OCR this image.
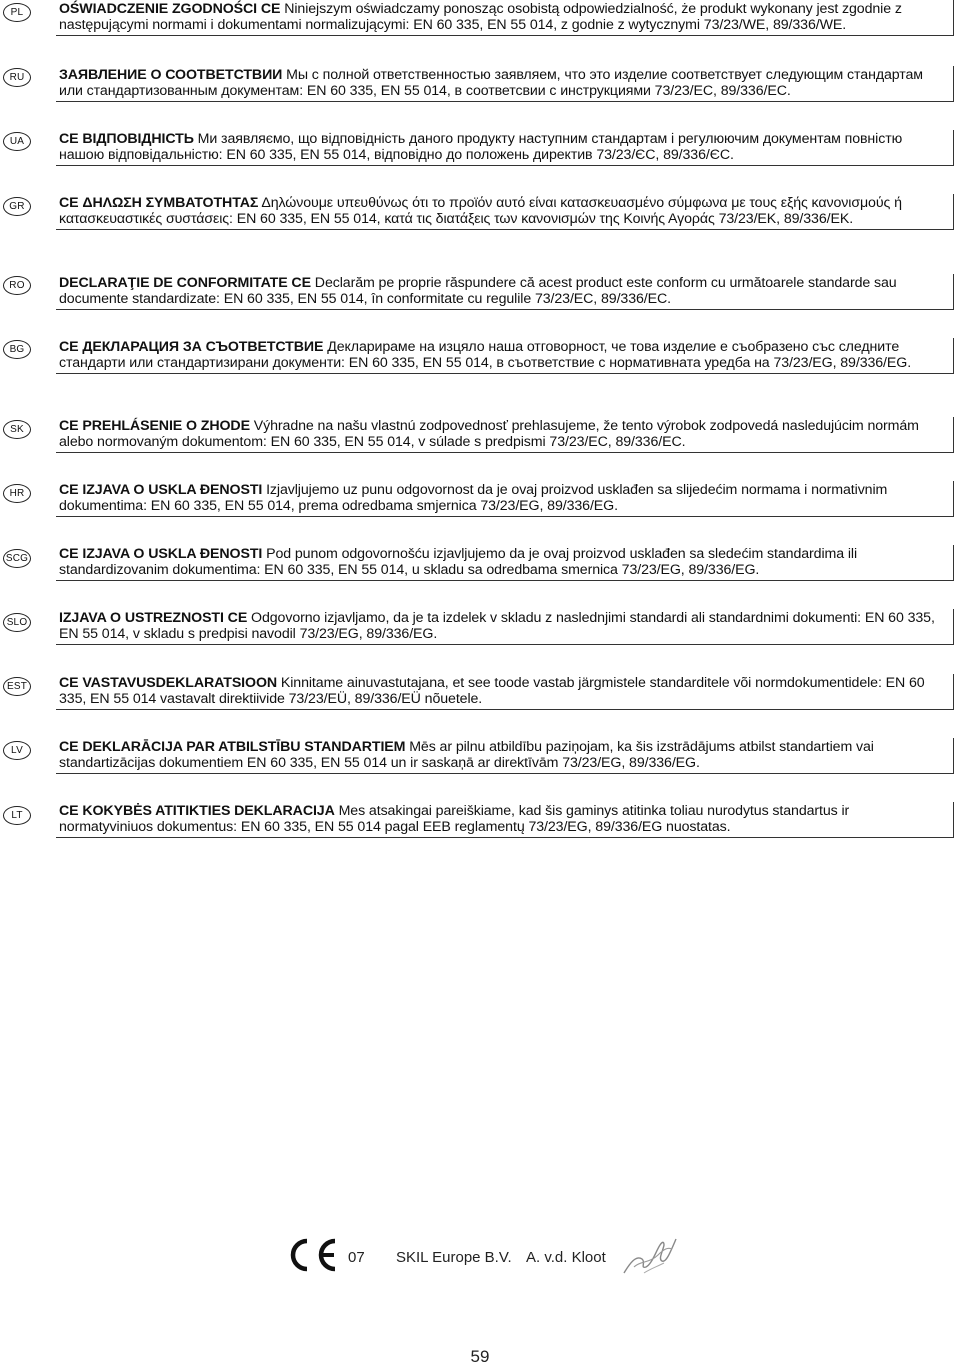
PL	OŚWIADCZENIE ZGODNOŚCI CE Niniejszym oświadczamy ponosząc osobistą odpowiedzialność, że produkt wykonany jest zgodnie z następującymi normami i dokumentami normalizującymi: EN 60 335, EN 55 014, z godnie z wytycznymi 73/23/WE, 89/336/WE.
RU	ЗАЯВЛЕНИЕ О СООТВЕТСТВИИ Мы с полной ответственностью заявляем, что это изделие соответствует следующим стандартам или стандартизованным документам: EN 60 335, EN 55 014, в соответсвии с инструкциями 73/23/ЕС, 89/336/ЕС.
UA	CE ВІДПОВІДНІСТЬ Ми заявляємо, що відповідність даного продукту наступним стандартам і регулюючим документам повністю нашою відповідальністю: EN 60 335, EN 55 014, відповідно до положень директив 73/23/ЄС, 89/336/ЄС.
GR	CE ΔΗΛΩΣΗ ΣΥΜΒΑΤΟΤΗΤΑΣ Δηλώνουμε υπευθύνως ότι το προϊόν αυτό είναι κατασκευασμένο σύμφωνα με τους εξής κανονισμούς ή κατασκευαστικές συστάσεις: EN 60 335, EN 55 014, κατά τις διατάξεις των κανονισμών της Κοινής Αγοράς 73/23/EK, 89/336/EK.
RO	DECLARAŢIE DE CONFORMITATE CE Declarăm pe proprie răspundere că acest product este conform cu următoarele standarde sau documente standardizate: EN 60 335, EN 55 014, în conformitate cu regulile 73/23/EC, 89/336/EC.
BG	CE ДЕКЛАРАЦИЯ ЗА СЪОТВЕТСТВИЕ Декларираме на изцяло наша отговорност, че това изделие е съобразено със следните стандарти или стандартизирани документи: EN 60 335, EN 55 014, в съответствие с нормативната уредба на 73/23/EG, 89/336/EG.
SK	CE PREHLÁSENIE O ZHODE Výhradne na našu vlastnú zodpovednosť prehlasujeme, že tento výrobok zodpovedá nasledujúcim normám alebo normovaným dokumentom: EN 60 335, EN 55 014, v súlade s predpismi 73/23/EC, 89/336/EC.
HR	CE IZJAVA O USKLA ĐENOSTI Izjavljujemo uz punu odgovornost da je ovaj proizvod usklađen sa slijedećim normama i normativnim dokumentima: EN 60 335, EN 55 014, prema odredbama smjernica 73/23/EG, 89/336/EG.
SCG CE IZJAVA O USKLA ĐENOSTI Pod punom odgovornošću izjavljujemo da je ovaj proizvod usklađen sa sledećim standardima ili standardizovanim dokumentima: EN 60 335, EN 55 014, u skladu sa odredbama smernica 73/23/EG, 89/336/EG.
SLO IZJAVA O USTREZNOSTI CE Odgovorno izjavljamo, da je ta izdelek v skladu z naslednjimi standardi ali standardnimi dokumenti: EN 60 335, EN 55 014, v skladu s predpisi navodil 73/23/EG, 89/336/EG.
EST CE VASTAVUSDEKLARATSIOON Kinnitame ainuvastutajana, et see toode vastab järgmistele standarditele või normdokumentidele: EN 60 335, EN 55 014 vastavalt direktiivide 73/23/EÜ, 89/336/EÜ nõuetele.
LV	CE DEKLARĀCIJA PAR ATBILSTĪBU STANDARTIEM Mēs ar pilnu atbildību paziņojam, ka šis izstrādājums atbilst standartiem vai standartizācijas dokumentiem EN 60 335, EN 55 014 un ir saskaņā ar direktīvām 73/23/EG, 89/336/EG.
LT	CE KOKYBĖS ATITIKTIES DEKLARACIJA Mes atsakingai pareiškiame, kad šis gaminys atitinka toliau nurodytus standartus ir normatyviniuos dokumentus: EN 60 335, EN 55 014 pagal EEB reglamentų 73/23/EG, 89/336/EG nuostatas.
07 SKIL Europe B.V. A. v.d. Kloot
59
